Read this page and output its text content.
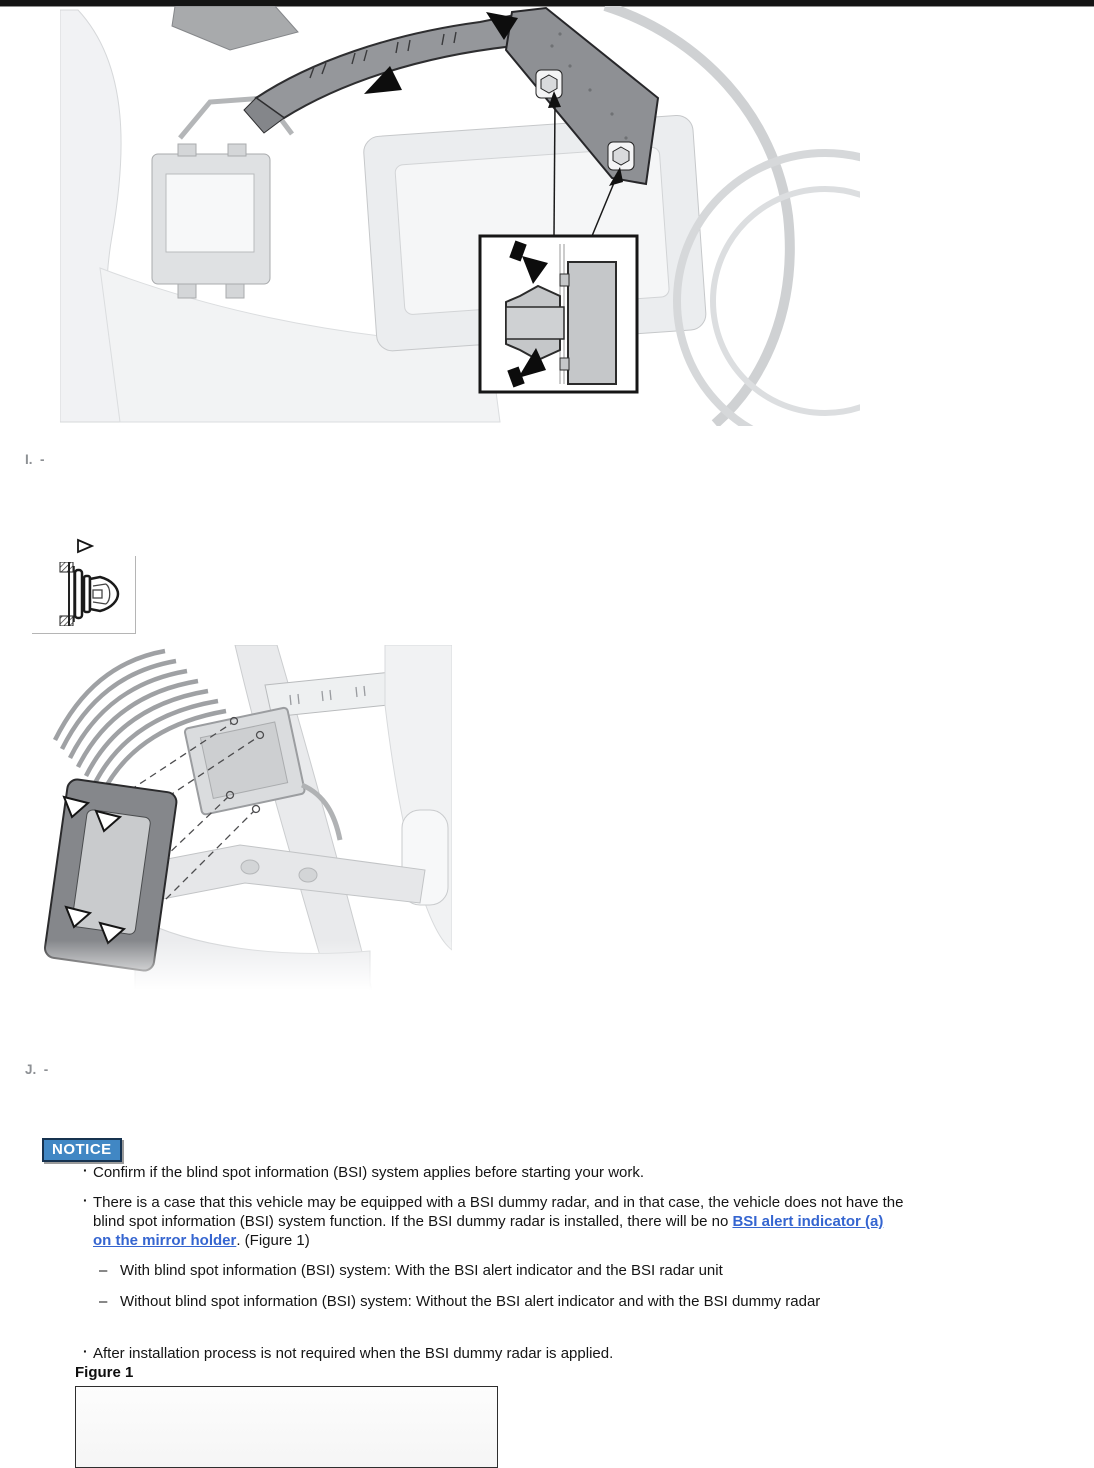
I.  -
J.  -
NOTICE
· Confirm if the blind spot information (BSI) system applies before starting your work.
· There is a case that this vehicle may be equipped with a BSI dummy radar, and in that case, the vehicle does not have the blind spot information (BSI) system function. If the BSI dummy radar is installed, there will be no BSI alert indicator (a) on the mirror holder. (Figure 1)
– With blind spot information (BSI) system: With the BSI alert indicator and the BSI radar unit
– Without blind spot information (BSI) system: Without the BSI alert indicator and with the BSI dummy radar
· After installation process is not required when the BSI dummy radar is applied.
Figure 1
